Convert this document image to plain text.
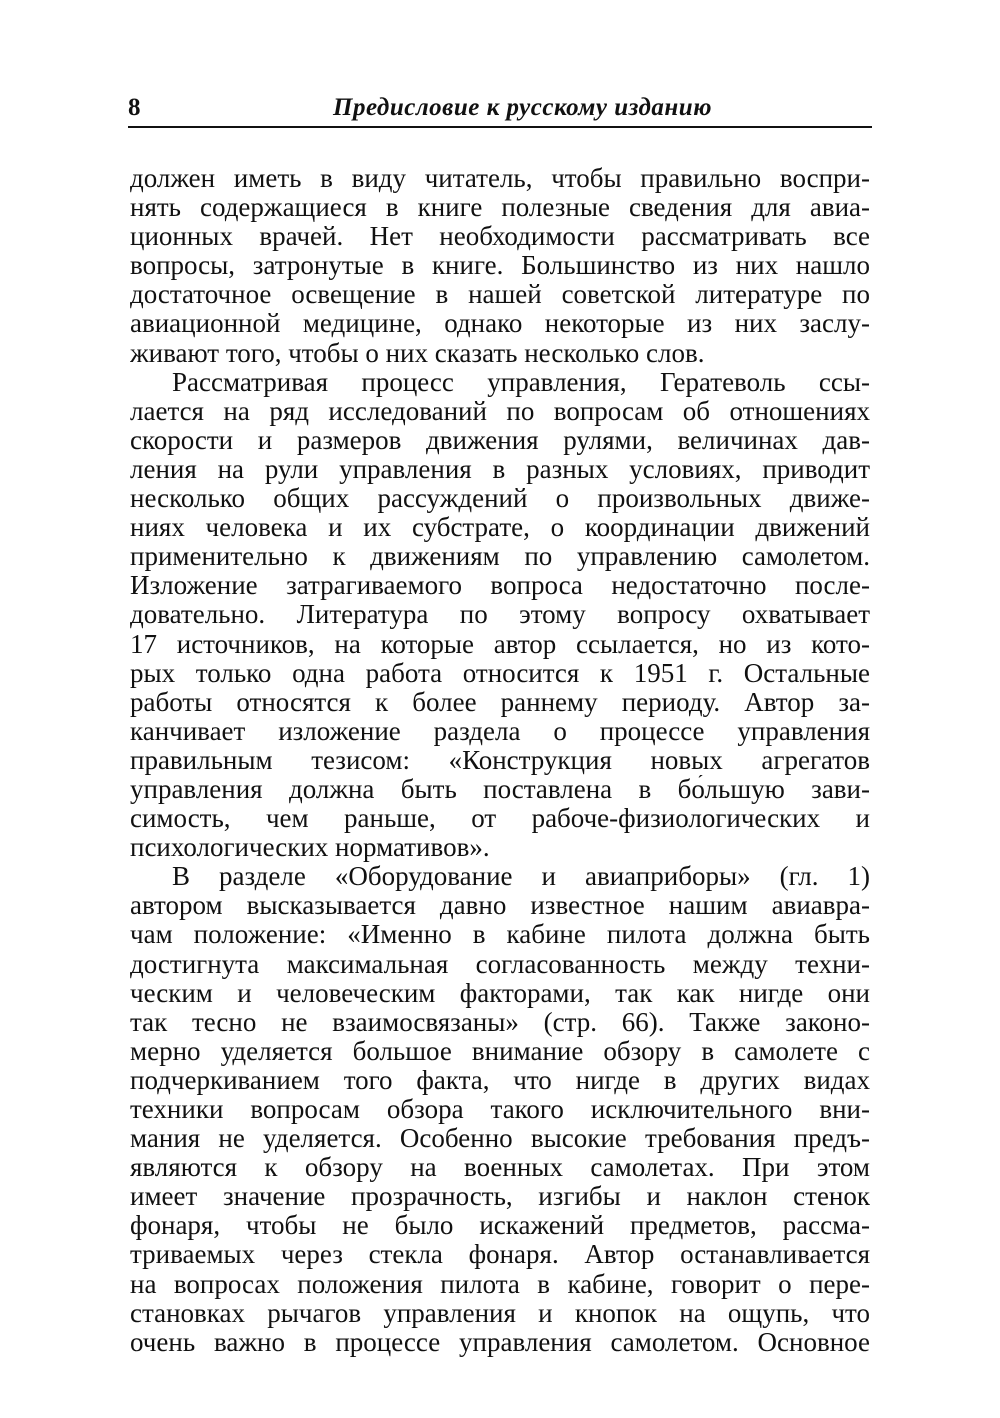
8	Предисловие к русскому изданию
должен иметь в виду читатель, чтобы правильно воспри-
нять содержащиеся в книге полезные сведения для авиа-
ционных врачей. Нет необходимости рассматривать все
вопросы, затронутые в книге. Большинство из них нашло
достаточное освещение в нашей советской литературе по
авиационной медицине, однако некоторые из них заслу-
живают того, чтобы о них сказать несколько слов.
Рассматривая процесс управления, Гератеволь ссы-
лается на ряд исследований по вопросам об отношениях
скорости и размеров движения рулями, величинах дав-
ления на рули управления в разных условиях, приводит
несколько общих рассуждений о произвольных движе-
ниях человека и их субстрате, о координации движений
применительно к движениям по управлению самолетом.
Изложение затрагиваемого вопроса недостаточно после-
довательно. Литература по этому вопросу охватывает
17 источников, на которые автор ссылается, но из кото-
рых только одна работа относится к 1951 г. Остальные
работы относятся к более раннему периоду. Автор за-
канчивает изложение раздела о процессе управления
правильным тезисом: «Конструкция новых агрегатов
управления должна быть поставлена в бо́льшую зави-
симость, чем раньше, от рабоче-физиологических и
психологических нормативов».
В разделе «Оборудование и авиаприборы» (гл. 1)
автором высказывается давно известное нашим авиавра-
чам положение: «Именно в кабине пилота должна быть
достигнута максимальная согласованность между техни-
ческим и человеческим факторами, так как нигде они
так тесно не взаимосвязаны» (стр. 66). Также законо-
мерно уделяется большое внимание обзору в самолете с
подчеркиванием того факта, что нигде в других видах
техники вопросам обзора такого исключительного вни-
мания не уделяется. Особенно высокие требования предъ-
являются к обзору на военных самолетах. При этом
имеет значение прозрачность, изгибы и наклон стенок
фонаря, чтобы не было искажений предметов, рассма-
триваемых через стекла фонаря. Автор останавливается
на вопросах положения пилота в кабине, говорит о пере-
становках рычагов управления и кнопок на ощупь, что
очень важно в процессе управления самолетом. Основное
